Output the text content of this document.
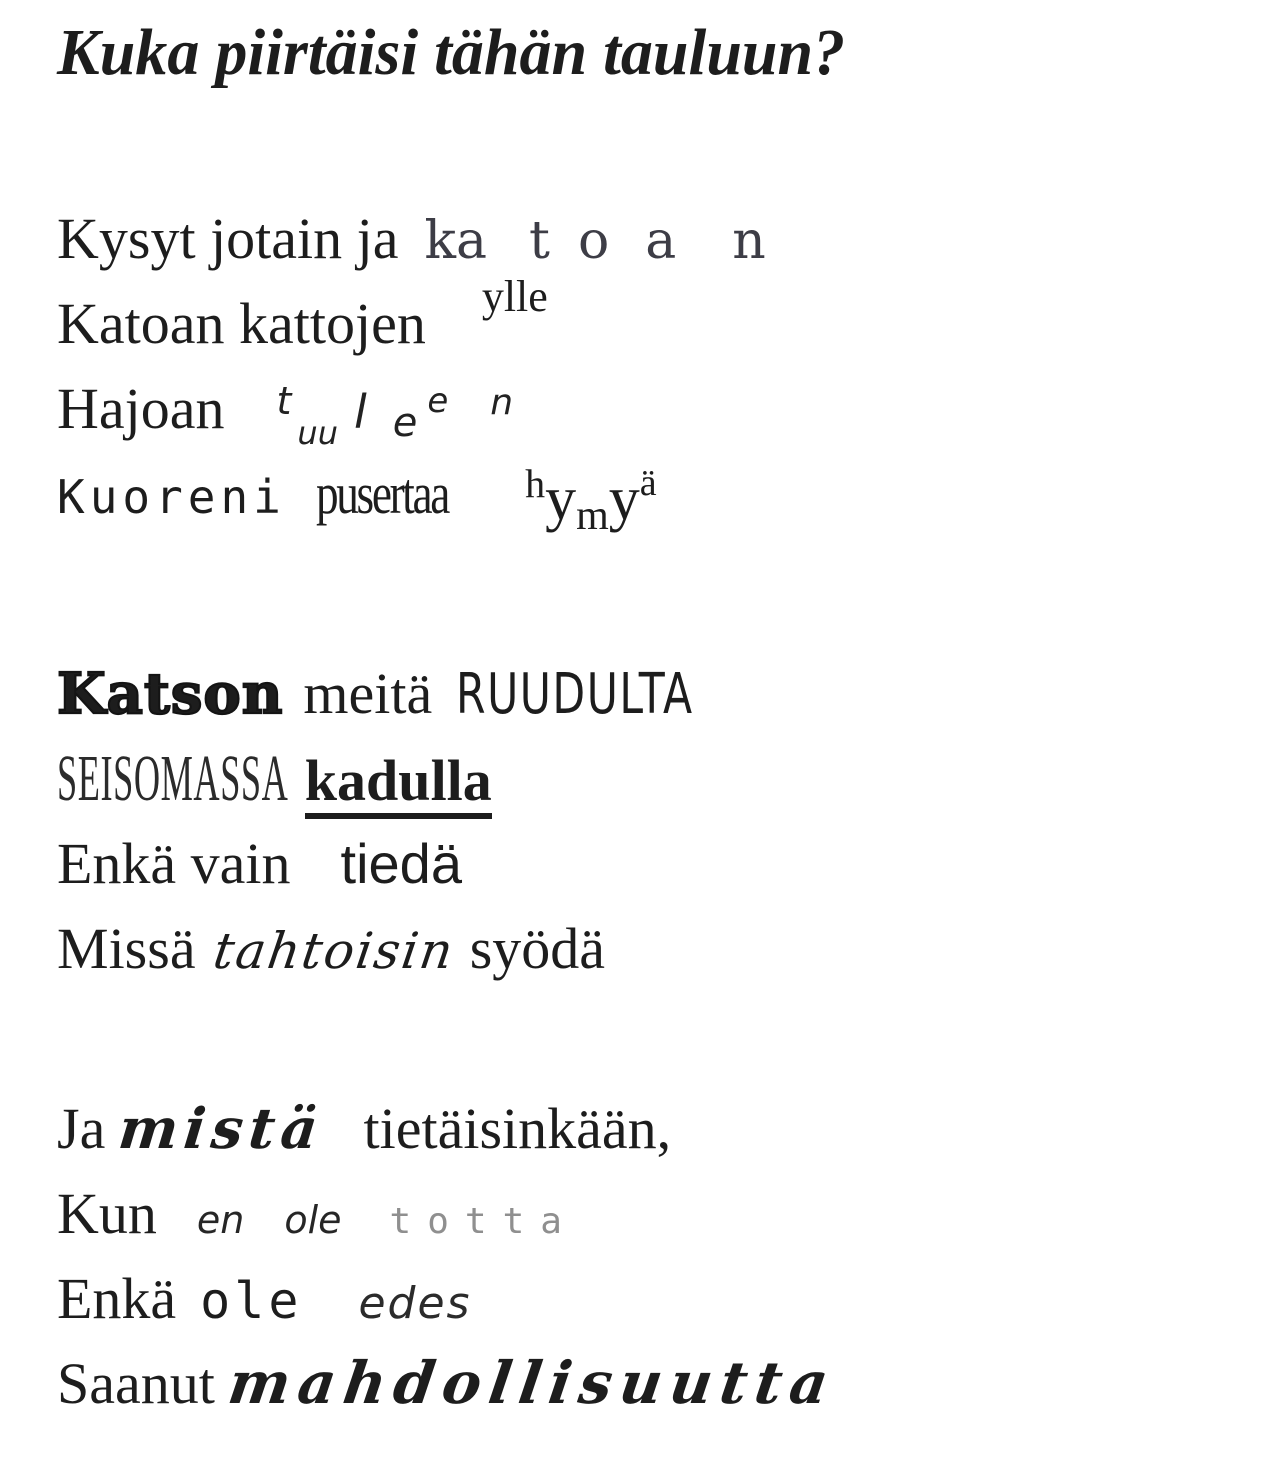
Kuka piirtäisi tähän tauluun?
Kysyt jotain ja ka t o a n
Katoan kattojen $^{ylle}$
Hajoan $^t_{uu}$ l e $^e$ $^n$
Kuoreni pusertaa $^hy_my^ä$
Katson meitä RUUDULTA
SEISOMASSA kadulla
Enkä vain tiedä
Missä tahtoisin syödä
Ja mistä tietäisinkään,
Kun en ole t o t t a
Enkä ole edes
Saanut mahdollisuutta
